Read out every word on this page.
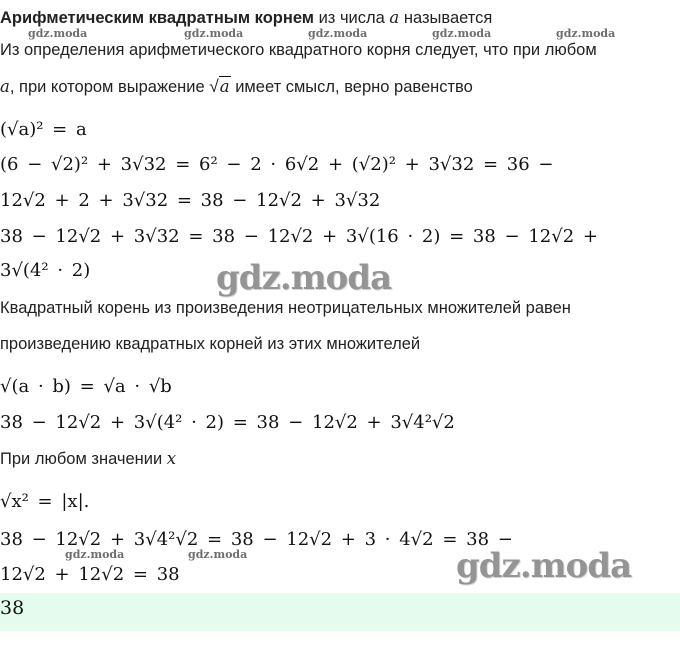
Арифметическим квадратным корнем из числа a называется
Из определения арифметического квадратного корня следует, что при любом
a, при котором выражение √a имеет смысл, верно равенство
(√a)² = a
(6 − √2)² + 3√32 = 6² − 2 · 6√2 + (√2)² + 3√32 = 36 −
12√2 + 2 + 3√32 = 38 − 12√2 + 3√32
38 − 12√2 + 3√32 = 38 − 12√2 + 3√(16 · 2) = 38 − 12√2 +
3√(4² · 2)
Квадратный корень из произведения неотрицательных множителей равен
произведению квадратных корней из этих множителей
√(a · b) = √a · √b
38 − 12√2 + 3√(4² · 2) = 38 − 12√2 + 3√4²√2
При любом значении x
√x² = |x|.
38 − 12√2 + 3√4²√2 = 38 − 12√2 + 3 · 4√2 = 38 −
12√2 + 12√2 = 38
38
gdz.moda	gdz.moda	gdz.moda	gdz.moda	gdz.moda
gdz.moda	gdz.moda
gdz.moda
gdz.moda
